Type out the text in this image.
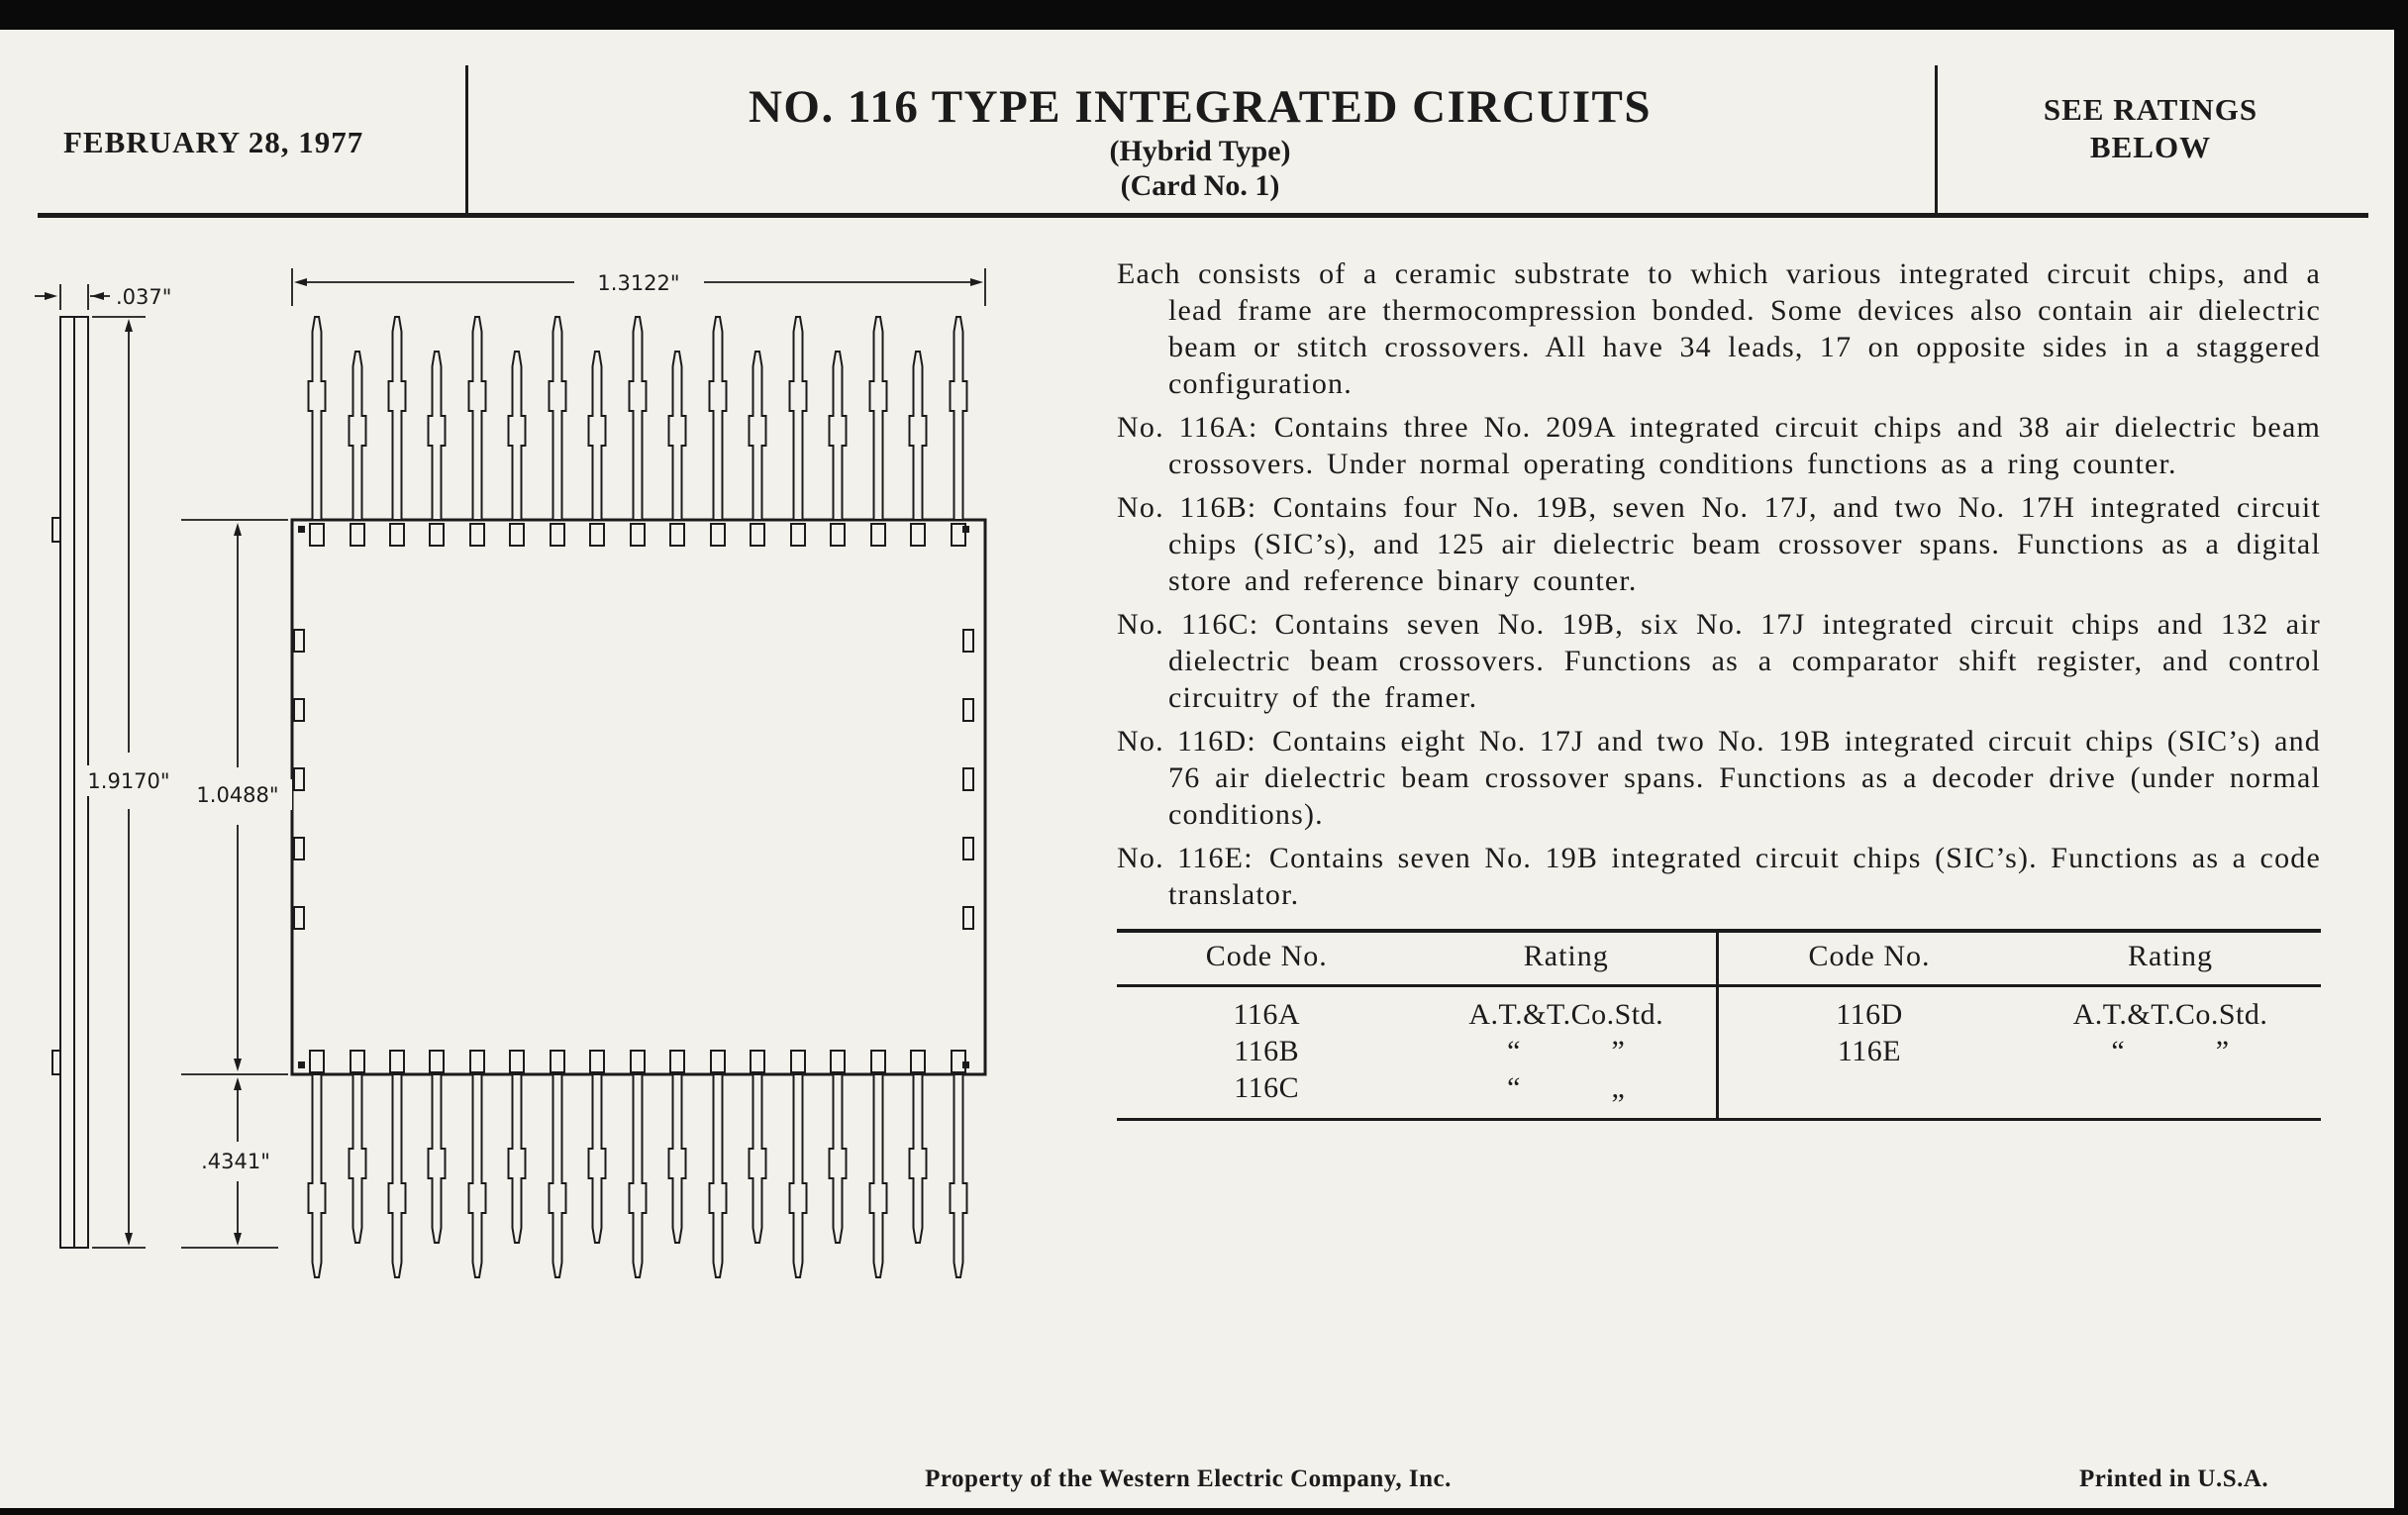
FEBRUARY 28, 1977
NO. 116 TYPE INTEGRATED CIRCUITS
(Hybrid Type)
(Card No. 1)
SEE RATINGS
BELOW
.037"
1.3122"
1.9170"
1.0488"
.4341"

Each consists of a ceramic substrate to which various integrated circuit chips, and a lead frame are thermocompression bonded. Some devices also contain air dielectric beam or stitch crossovers. All have 34 leads, 17 on opposite sides in a staggered configuration.

No. 116A: Contains three No. 209A integrated circuit chips and 38 air dielectric beam crossovers. Under normal operating conditions functions as a ring counter.

No. 116B: Contains four No. 19B, seven No. 17J, and two No. 17H integrated circuit chips (SIC’s), and 125 air dielectric beam crossover spans. Functions as a digital store and reference binary counter.

No. 116C: Contains seven No. 19B, six No. 17J integrated circuit chips and 132 air dielectric beam crossovers. Functions as a comparator shift register, and control circuitry of the framer.

No. 116D: Contains eight No. 17J and two No. 19B integrated circuit chips (SIC’s) and 76 air dielectric beam crossover spans. Functions as a decoder drive (under normal conditions).

No. 116E: Contains seven No. 19B integrated circuit chips (SIC’s). Functions as a code translator.

Code No.	Rating
116A	A.T.&T.Co.Std.
116B	“   ”
116C	“   „
Code No.	Rating
116D	A.T.&T.Co.Std.
116E	“   ”
Property of the Western Electric Company, Inc.	Printed in U.S.A.
